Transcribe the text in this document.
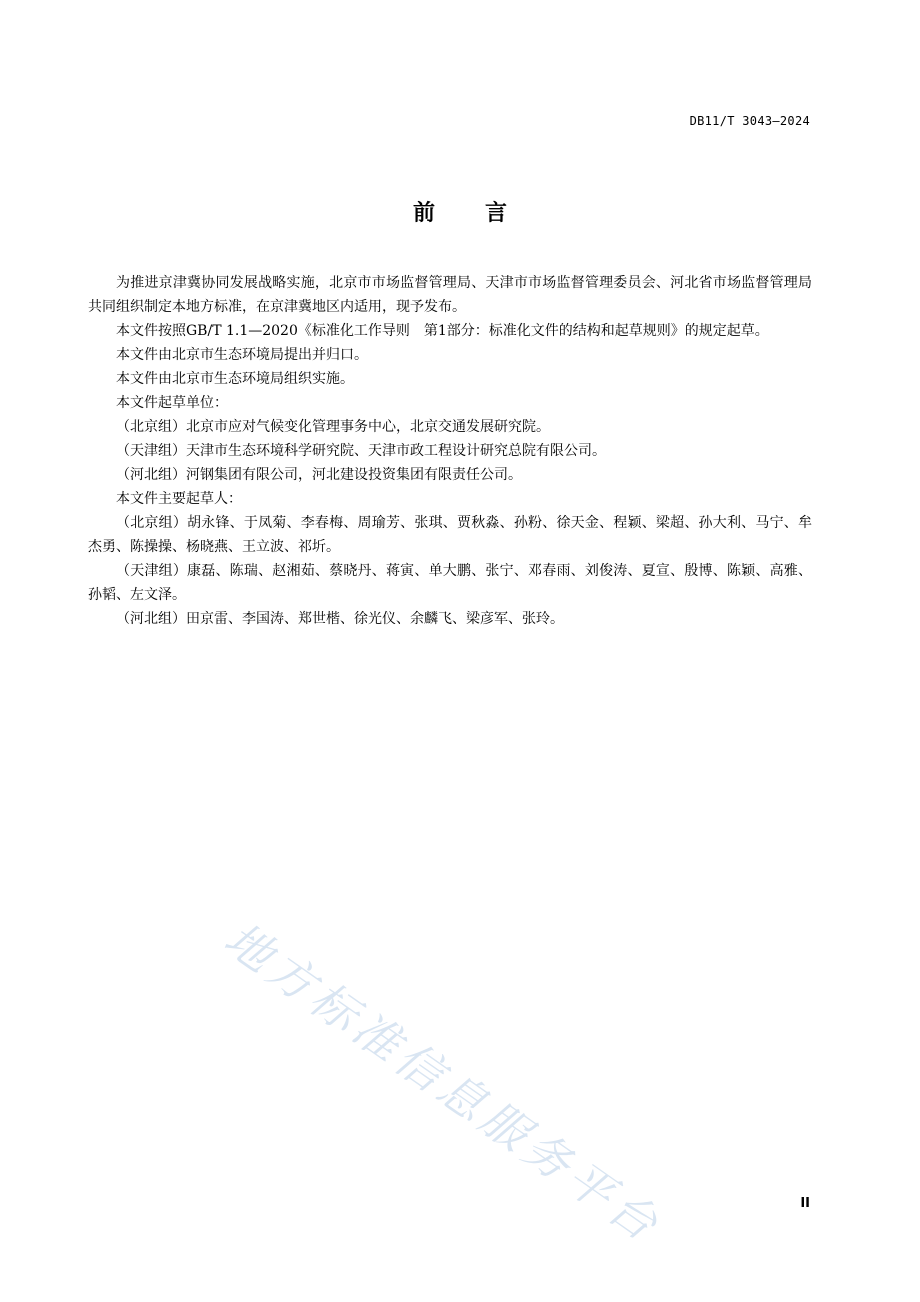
DB11/T 3043—2024
前 言

为推进京津冀协同发展战略实施，北京市市场监督管理局、天津市市场监督管理委员会、河北省市场监督管理局共同组织制定本地方标准，在京津冀地区内适用，现予发布。

本文件按照GB/T 1.1—2020《标准化工作导则　第1部分：标准化文件的结构和起草规则》的规定起草。

本文件由北京市生态环境局提出并归口。

本文件由北京市生态环境局组织实施。

本文件起草单位：

（北京组）北京市应对气候变化管理事务中心，北京交通发展研究院。

（天津组）天津市生态环境科学研究院、天津市政工程设计研究总院有限公司。

（河北组）河钢集团有限公司，河北建设投资集团有限责任公司。

本文件主要起草人：

（北京组）胡永锋、于凤菊、李春梅、周瑜芳、张琪、贾秋淼、孙粉、徐天金、程颖、梁超、孙大利、马宁、牟杰勇、陈操操、杨晓燕、王立波、祁圻。

（天津组）康磊、陈瑞、赵湘茹、蔡晓丹、蒋寅、单大鹏、张宁、邓春雨、刘俊涛、夏宣、殷博、陈颖、高雅、孙韬、左文泽。

（河北组）田京雷、李国涛、郑世楷、徐光仪、余麟飞、梁彦军、张玲。

地方标准信息服务平台	II
